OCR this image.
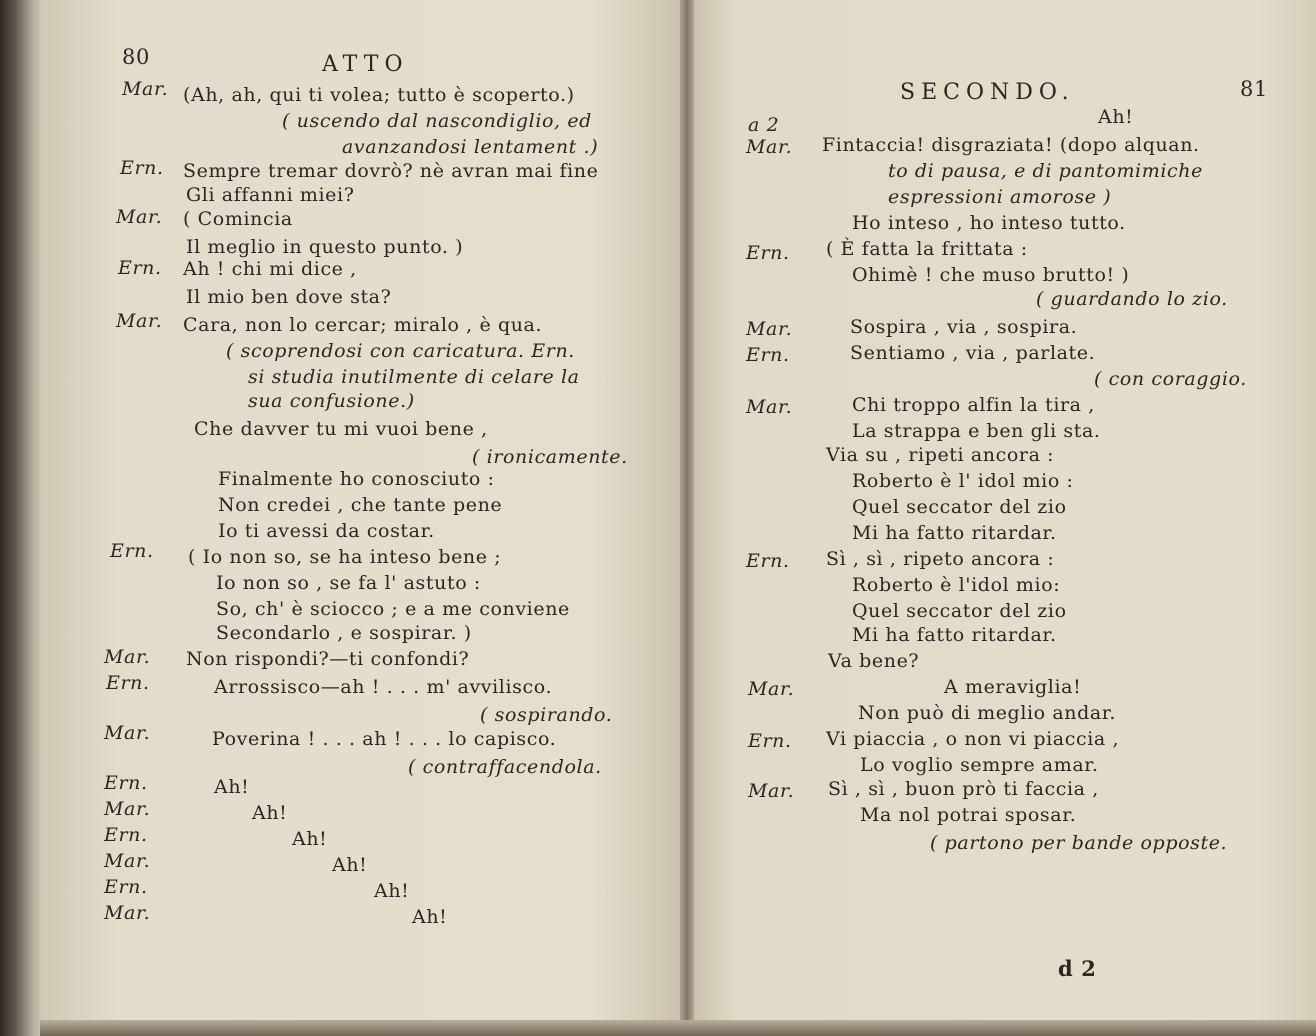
80	ATTO
Mar. (Ah, ah, qui ti volea; tutto è scoperto.)
( uscendo dal nascondiglio, ed
avanzandosi lentament .)
Ern. Sempre tremar dovrò? nè avran mai fine
Gli affanni miei?
Mar. ( Comincia
Il meglio in questo punto. )
Ern. Ah ! chi mi dice ,
Il mio ben dove sta?
Mar. Cara, non lo cercar; miralo , è qua.
( scoprendosi con caricatura. Ern.
si studia inutilmente di celare la
sua confusione.)
Che davver tu mi vuoi bene ,
( ironicamente.
Finalmente ho conosciuto :
Non credei , che tante pene
Io ti avessi da costar.
Ern. ( Io non so, se ha inteso bene ;
Io non so , se fa l' astuto :
So, ch' è sciocco ; e a me conviene
Secondarlo , e sospirar. )
Mar. Non rispondi?—ti confondi?
Ern.	Arrossisco—ah ! . . . m' avvilisco.
( sospirando.
Mar.	Poverina ! . . . ah ! . . . lo capisco.
( contraffacendola.
Ern.	Ah!
Mar.	Ah!
Ern.	Ah!
Mar.	Ah!
Ern.	Ah!
Mar.	Ah!
SECONDO.	81
Ah!
a 2
Mar. Fintaccia! disgraziata! (dopo alquan.
to di pausa, e di pantomimiche
espressioni amorose )
Ho inteso , ho inteso tutto.
Ern. ( È fatta la frittata :
Ohimè ! che muso brutto! )
( guardando lo zio.
Mar.	Sospira , via , sospira.
Ern.	Sentiamo , via , parlate.
( con coraggio.
Mar.	Chi troppo alfin la tira ,
La strappa e ben gli sta.
Via su , ripeti ancora :
Roberto è l' idol mio :
Quel seccator del zio
Mi ha fatto ritardar.
Ern. Sì , sì , ripeto ancora :
Roberto è l'idol mio:
Quel seccator del zio
Mi ha fatto ritardar.
Va bene?
Mar.	A meraviglia!
Non può di meglio andar.
Ern. Vi piaccia , o non vi piaccia ,
Lo voglio sempre amar.
Mar. Sì , sì , buon prò ti faccia ,
Ma nol potrai sposar.
( partono per bande opposte.
d 2
